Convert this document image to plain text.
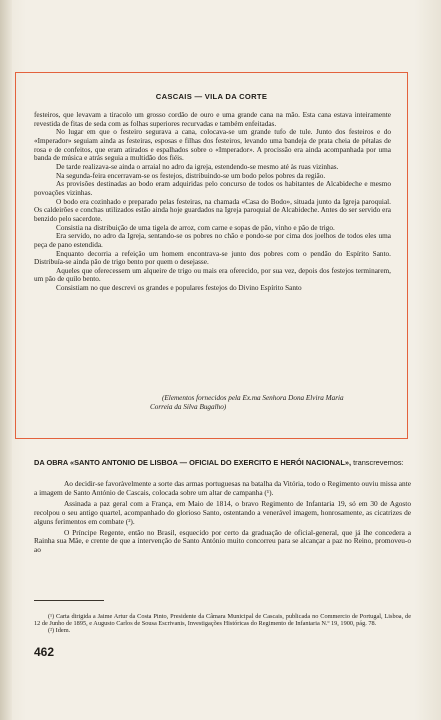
CASCAIS — VILA DA CORTE

festeiros, que levavam a tiracolo um grosso cordão de ouro e uma grande cana na mão. Esta cana estava inteiramente revestida de fitas de seda com as folhas superiores recurvadas e também enfeitadas.

No lugar em que o festeiro segurava a cana, colocava-se um grande tufo de tule. Junto dos festeiros e do «Imperador» seguiam ainda as festeiras, esposas e filhas dos festeiros, levando uma bandeja de prata cheia de pétalas de rosa e de confeitos, que eram atirados e espalhados sobre o «Imperador». A procissão era ainda acompanhada por uma banda de música e atrás seguia a multidão dos fiéis.

De tarde realizava-se ainda o arraial no adro da igreja, estendendo-se mesmo até às ruas vizinhas.

Na segunda-feira encerravam-se os festejos, distribuindo-se um bodo pelos pobres da região.

As provisões destinadas ao bodo eram adquiridas pelo concurso de todos os habitantes de Alcabideche e mesmo povoações vizinhas.

O bodo era cozinhado e preparado pelas festeiras, na chamada «Casa do Bodo», situada junto da Igreja paroquial. Os caldeirões e conchas utilizados estão ainda hoje guardados na Igreja paroquial de Alcabideche. Antes do ser servido era benzido pelo sacerdote.

Consistia na distribuição de uma tigela de arroz, com carne e sopas de pão, vinho e pão de trigo.

Era servido, no adro da Igreja, sentando-se os pobres no chão e pondo-se por cima dos joelhos de todos eles uma peça de pano estendida.

Enquanto decorria a refeição um homem encontrava-se junto dos pobres com o pendão do Espírito Santo. Distribuía-se ainda pão de trigo bento por quem o desejasse.

Aqueles que oferecessem um alqueire de trigo ou mais era oferecido, por sua vez, depois dos festejos terminarem, um pão de quilo bento.

Consistiam no que descrevi os grandes e populares festejos do Divino Espírito Santo

(Elementos fornecidos pela Ex.ma Senhora Dona Elvira Maria
Correia da Silva Bugalho)
DA OBRA «SANTO ANTONIO DE LISBOA — OFICIAL DO EXERCITO E HERÓI NACIONAL», transcrevemos:

Ao decidir-se favoràvelmente a sorte das armas portuguesas na batalha da Vitória, todo o Regimento ouviu missa ante a imagem de Santo António de Cascais, colocada sobre um altar de campanha (¹).

Assinada a paz geral com a França, em Maio de 1814, o bravo Regimento de Infantaria 19, só em 30 de Agosto recolpou o seu antigo quartel, acompanhado do glorioso Santo, ostentando a venerável imagem, honrosamente, as cicatrizes de alguns ferimentos em combate (²).

O Príncipe Regente, então no Brasil, esquecido por certo da graduação de oficial-general, que já lhe concedera a Rainha sua Mãe, e crente de que a intervenção de Santo António muito concorreu para se alcançar a paz no Reino, promoveu-o ao

(¹) Carta dirigida a Jaime Artur da Costa Pinto, Presidente da Câmara Municipal de Cascais, publicada no Commercio de Portugal, Lisboa, de 12 de Junho de 1895, e Augusto Carlos de Sousa Escrivanis, Investigações Históricas do Regimento de Infantaria N.º 19, 1900, pág. 78.

(²) Idem.

462
